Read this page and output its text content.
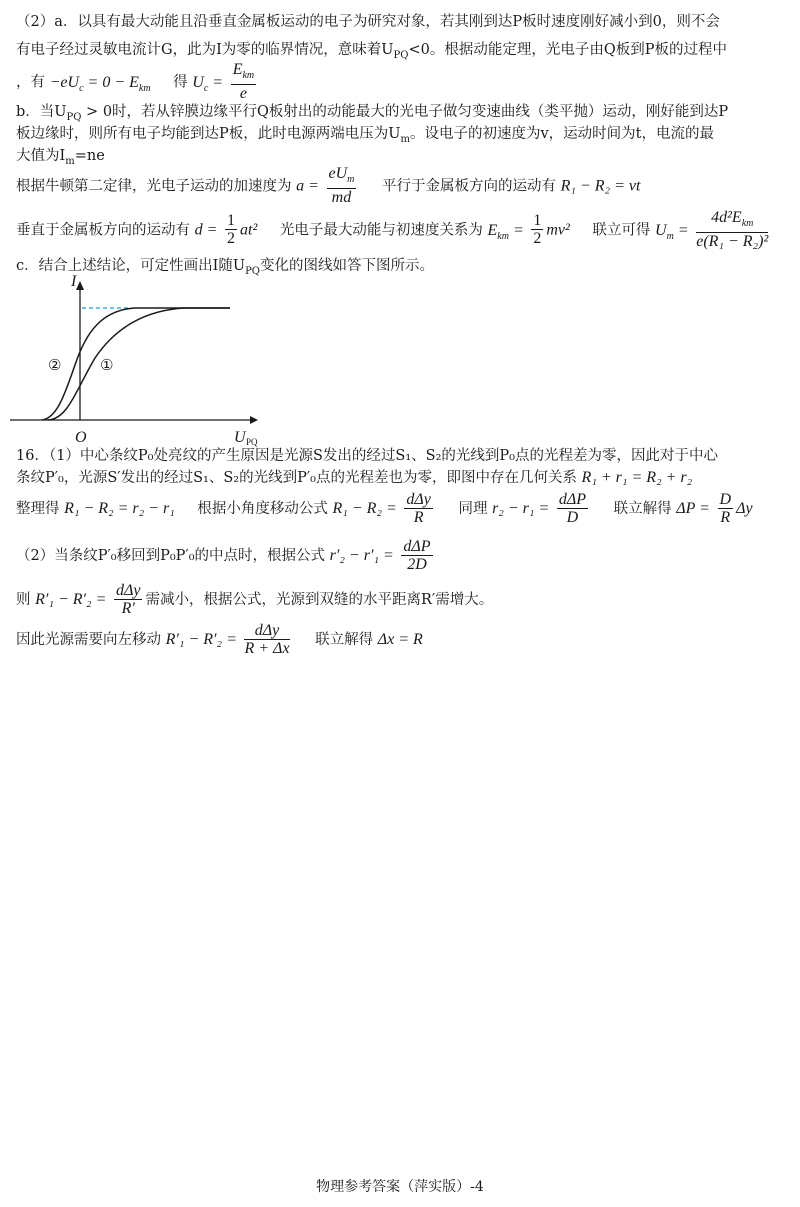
（2）a．以具有最大动能且沿垂直金属板运动的电子为研究对象，若其刚到达P板时速度刚好减小到0，则不会
有电子经过灵敏电流计G，此为I为零的临界情况，意味着$U_{PQ}<0$。根据动能定理，光电子由Q板到P板的过程中
，有 $-eU_c = 0 - E_{km}$ 得 $U_c$ =
$E_{km}$
e
b．当$U_{PQ} > 0$时，若从锌膜边缘平行Q板射出的动能最大的光电子做匀变速曲线（类平抛）运动，刚好能到达P
板边缘时，则所有电子均能到达P板，此时电源两端电压为$U_m$。设电子的初速度为v，运动时间为t，电流的最
大值为$I_m=ne$
根据牛顿第二定律，光电子运动的加速度为 a =
$eU_m$
md
平行于金属板方向的运动有 R₁ − R₂ = vt
垂直于金属板方向的运动有 $d = \frac{1}{2} at^2$ 光电子最大动能与初速度关系为 $E_{km} = \frac{1}{2} mv^2$ 联立可得 $U_m$ =
$4d^2E_{km}$
e(R₁ − R₂)²
c．结合上述结论，可定性画出I随$U_{PQ}$变化的图线如答下图所示。
I
U PQ
O
②	①
16．（1）中心条纹P₀处亮纹的产生原因是光源S发出的经过S₁、S₂的光线到P₀点的光程差为零，因此对于中心
条纹P′₀，光源S′发出的经过S₁、S₂的光线到P′₀点的光程差也为零，即图中存在几何关系 R₁ + r₁ = R₂ + r₂
整理得 R₁ − R₂ = r₂ − r₁ 根据小角度移动公式 R₁ − R₂ =
dΔy
R	同理 r₂ − r₁ =
dΔP
D	联立解得 $\Delta P = \frac{D}{R}$ Δy
（2）当条纹P′₀移回到P₀P′₀的中点时，根据公式 r′₂ − r′₁ =
dΔP
2D
则 R′₁ − R′₂ =
dΔy
R′ 需减小，根据公式，光源到双缝的水平距离R′需增大。
因此光源需要向左移动 R′₁ − R′₂ =
dΔy
R + Δx 联立解得 Δx = R
物理参考答案（萍实版）-4
